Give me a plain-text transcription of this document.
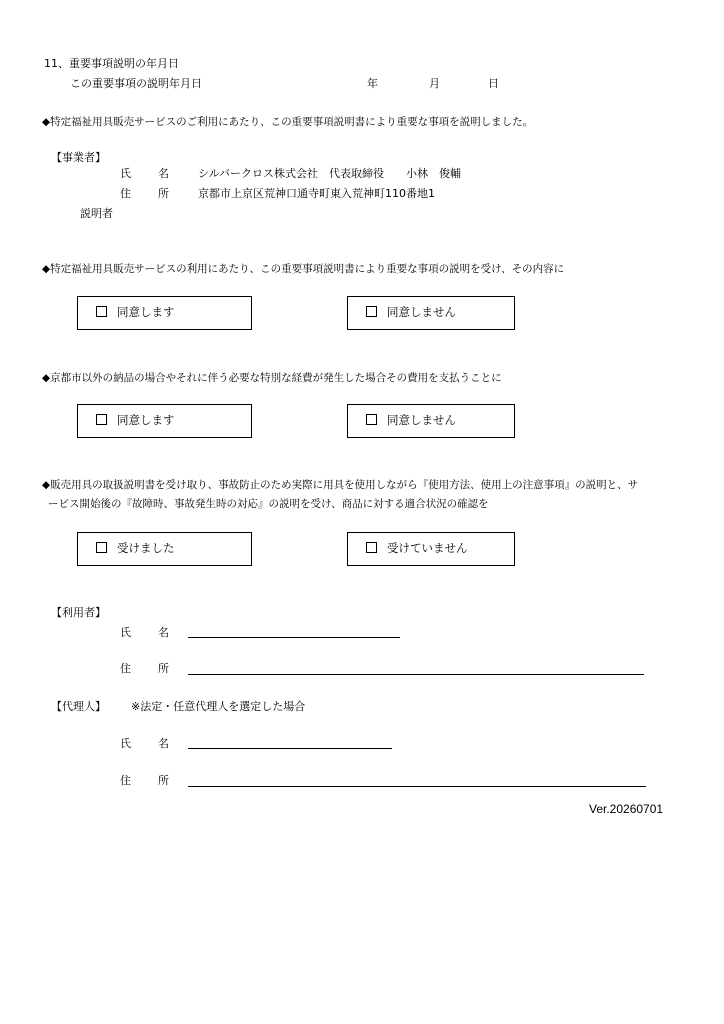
11、重要事項説明の年月日
この重要事項の説明年月日	年	月	日
◆特定福祉用具販売サービスのご利用にあたり、この重要事項説明書により重要な事項を説明しました。
【事業者】
氏 名	シルバークロス株式会社　代表取締役　　小林　俊輔
住 所	京都市上京区荒神口通寺町東入荒神町110番地1
説明者
◆特定福祉用具販売サービスの利用にあたり、この重要事項説明書により重要な事項の説明を受け、その内容に
同意します	同意しません
◆京都市以外の納品の場合やそれに伴う必要な特別な経費が発生した場合その費用を支払うことに
同意します	同意しません
◆販売用具の取扱説明書を受け取り、事故防止のため実際に用具を使用しながら『使用方法、使用上の注意事項』の説明と、サ
ービス開始後の『故障時、事故発生時の対応』の説明を受け、商品に対する適合状況の確認を
受けました	受けていません
【利用者】
氏 名
住 所
【代理人】 ※法定・任意代理人を選定した場合
氏 名
住 所
Ver.20260701
